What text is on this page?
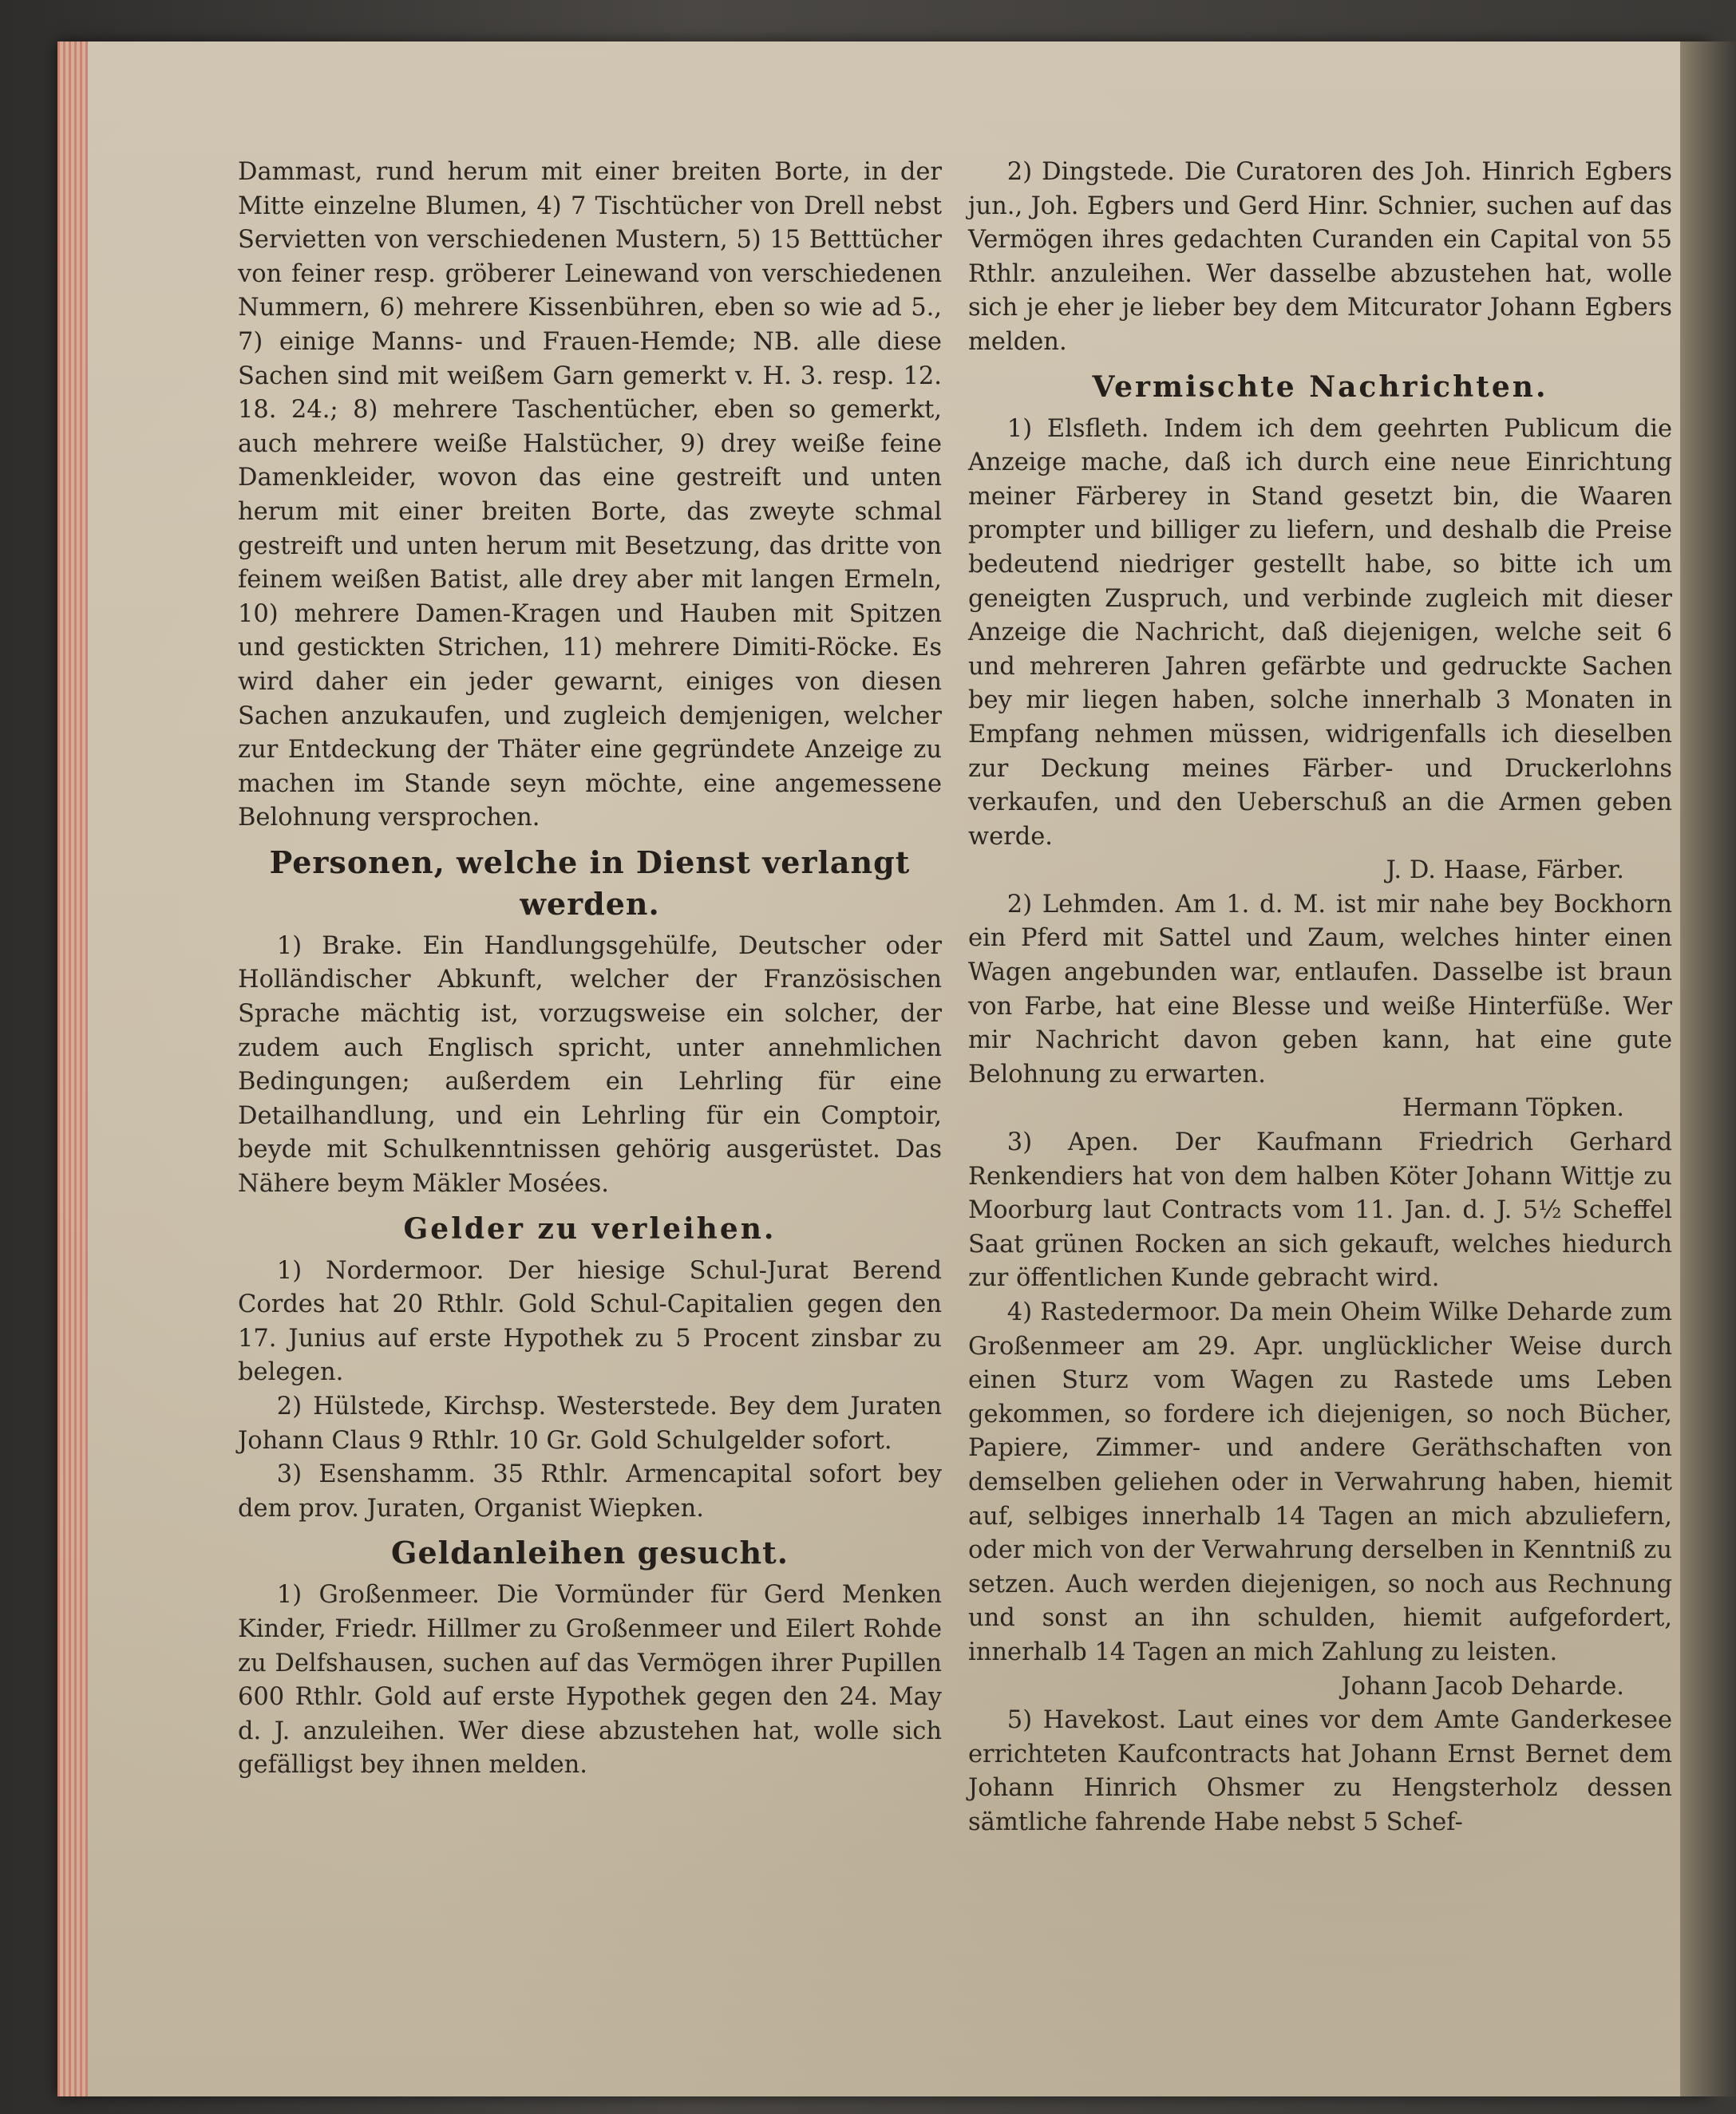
Dammast, rund herum mit einer breiten Borte, in der Mitte einzelne Blumen, 4) 7 Tischtücher von Drell nebst Servietten von verschiedenen Mustern, 5) 15 Betttücher von feiner resp. gröberer Leinewand von verschiedenen Nummern, 6) mehrere Kissenbühren, eben so wie ad 5., 7) einige Manns- und Frauen-Hemde; NB. alle diese Sachen sind mit weißem Garn gemerkt v. H. 3. resp. 12. 18. 24.; 8) mehrere Taschentücher, eben so gemerkt, auch mehrere weiße Halstücher, 9) drey weiße feine Damenkleider, wovon das eine gestreift und unten herum mit einer breiten Borte, das zweyte schmal gestreift und unten herum mit Besetzung, das dritte von feinem weißen Batist, alle drey aber mit langen Ermeln, 10) mehrere Damen-Kragen und Hauben mit Spitzen und gestickten Strichen, 11) mehrere Dimiti-Röcke. Es wird daher ein jeder gewarnt, einiges von diesen Sachen anzukaufen, und zugleich demjenigen, welcher zur Entdeckung der Thäter eine gegründete Anzeige zu machen im Stande seyn möchte, eine angemessene Belohnung versprochen.

Personen, welche in Dienst verlangt werden.

1) Brake. Ein Handlungsgehülfe, Deutscher oder Holländischer Abkunft, welcher der Französischen Sprache mächtig ist, vorzugsweise ein solcher, der zudem auch Englisch spricht, unter annehmlichen Bedingungen; außerdem ein Lehrling für eine Detailhandlung, und ein Lehrling für ein Comptoir, beyde mit Schulkenntnissen gehörig ausgerüstet. Das Nähere beym Mäkler Mosées.

Gelder zu verleihen.

1) Nordermoor. Der hiesige Schul-Jurat Berend Cordes hat 20 Rthlr. Gold Schul-Capitalien gegen den 17. Junius auf erste Hypothek zu 5 Procent zinsbar zu belegen.

2) Hülstede, Kirchsp. Westerstede. Bey dem Juraten Johann Claus 9 Rthlr. 10 Gr. Gold Schulgelder sofort.

3) Esenshamm. 35 Rthlr. Armencapital sofort bey dem prov. Juraten, Organist Wiepken.

Geldanleihen gesucht.

1) Großenmeer. Die Vormünder für Gerd Menken Kinder, Friedr. Hillmer zu Großenmeer und Eilert Rohde zu Delfshausen, suchen auf das Vermögen ihrer Pupillen 600 Rthlr. Gold auf erste Hypothek gegen den 24. May d. J. anzuleihen. Wer diese abzustehen hat, wolle sich gefälligst bey ihnen melden.

2) Dingstede. Die Curatoren des Joh. Hinrich Egbers jun., Joh. Egbers und Gerd Hinr. Schnier, suchen auf das Vermögen ihres gedachten Curanden ein Capital von 55 Rthlr. anzuleihen. Wer dasselbe abzustehen hat, wolle sich je eher je lieber bey dem Mitcurator Johann Egbers melden.

Vermischte Nachrichten.

1) Elsfleth. Indem ich dem geehrten Publicum die Anzeige mache, daß ich durch eine neue Einrichtung meiner Färberey in Stand gesetzt bin, die Waaren prompter und billiger zu liefern, und deshalb die Preise bedeutend niedriger gestellt habe, so bitte ich um geneigten Zuspruch, und verbinde zugleich mit dieser Anzeige die Nachricht, daß diejenigen, welche seit 6 und mehreren Jahren gefärbte und gedruckte Sachen bey mir liegen haben, solche innerhalb 3 Monaten in Empfang nehmen müssen, widrigenfalls ich dieselben zur Deckung meines Färber- und Druckerlohns verkaufen, und den Ueberschuß an die Armen geben werde.

J. D. Haase, Färber.

2) Lehmden. Am 1. d. M. ist mir nahe bey Bockhorn ein Pferd mit Sattel und Zaum, welches hinter einen Wagen angebunden war, entlaufen. Dasselbe ist braun von Farbe, hat eine Blesse und weiße Hinterfüße. Wer mir Nachricht davon geben kann, hat eine gute Belohnung zu erwarten.

Hermann Töpken.

3) Apen. Der Kaufmann Friedrich Gerhard Renkendiers hat von dem halben Köter Johann Wittje zu Moorburg laut Contracts vom 11. Jan. d. J. 5½ Scheffel Saat grünen Rocken an sich gekauft, welches hiedurch zur öffentlichen Kunde gebracht wird.

4) Rastedermoor. Da mein Oheim Wilke Deharde zum Großenmeer am 29. Apr. unglücklicher Weise durch einen Sturz vom Wagen zu Rastede ums Leben gekommen, so fordere ich diejenigen, so noch Bücher, Papiere, Zimmer- und andere Geräthschaften von demselben geliehen oder in Verwahrung haben, hiemit auf, selbiges innerhalb 14 Tagen an mich abzuliefern, oder mich von der Verwahrung derselben in Kenntniß zu setzen. Auch werden diejenigen, so noch aus Rechnung und sonst an ihn schulden, hiemit aufgefordert, innerhalb 14 Tagen an mich Zahlung zu leisten.

Johann Jacob Deharde.

5) Havekost. Laut eines vor dem Amte Ganderkesee errichteten Kaufcontracts hat Johann Ernst Bernet dem Johann Hinrich Ohsmer zu Hengsterholz dessen sämtliche fahrende Habe nebst 5 Schef-
